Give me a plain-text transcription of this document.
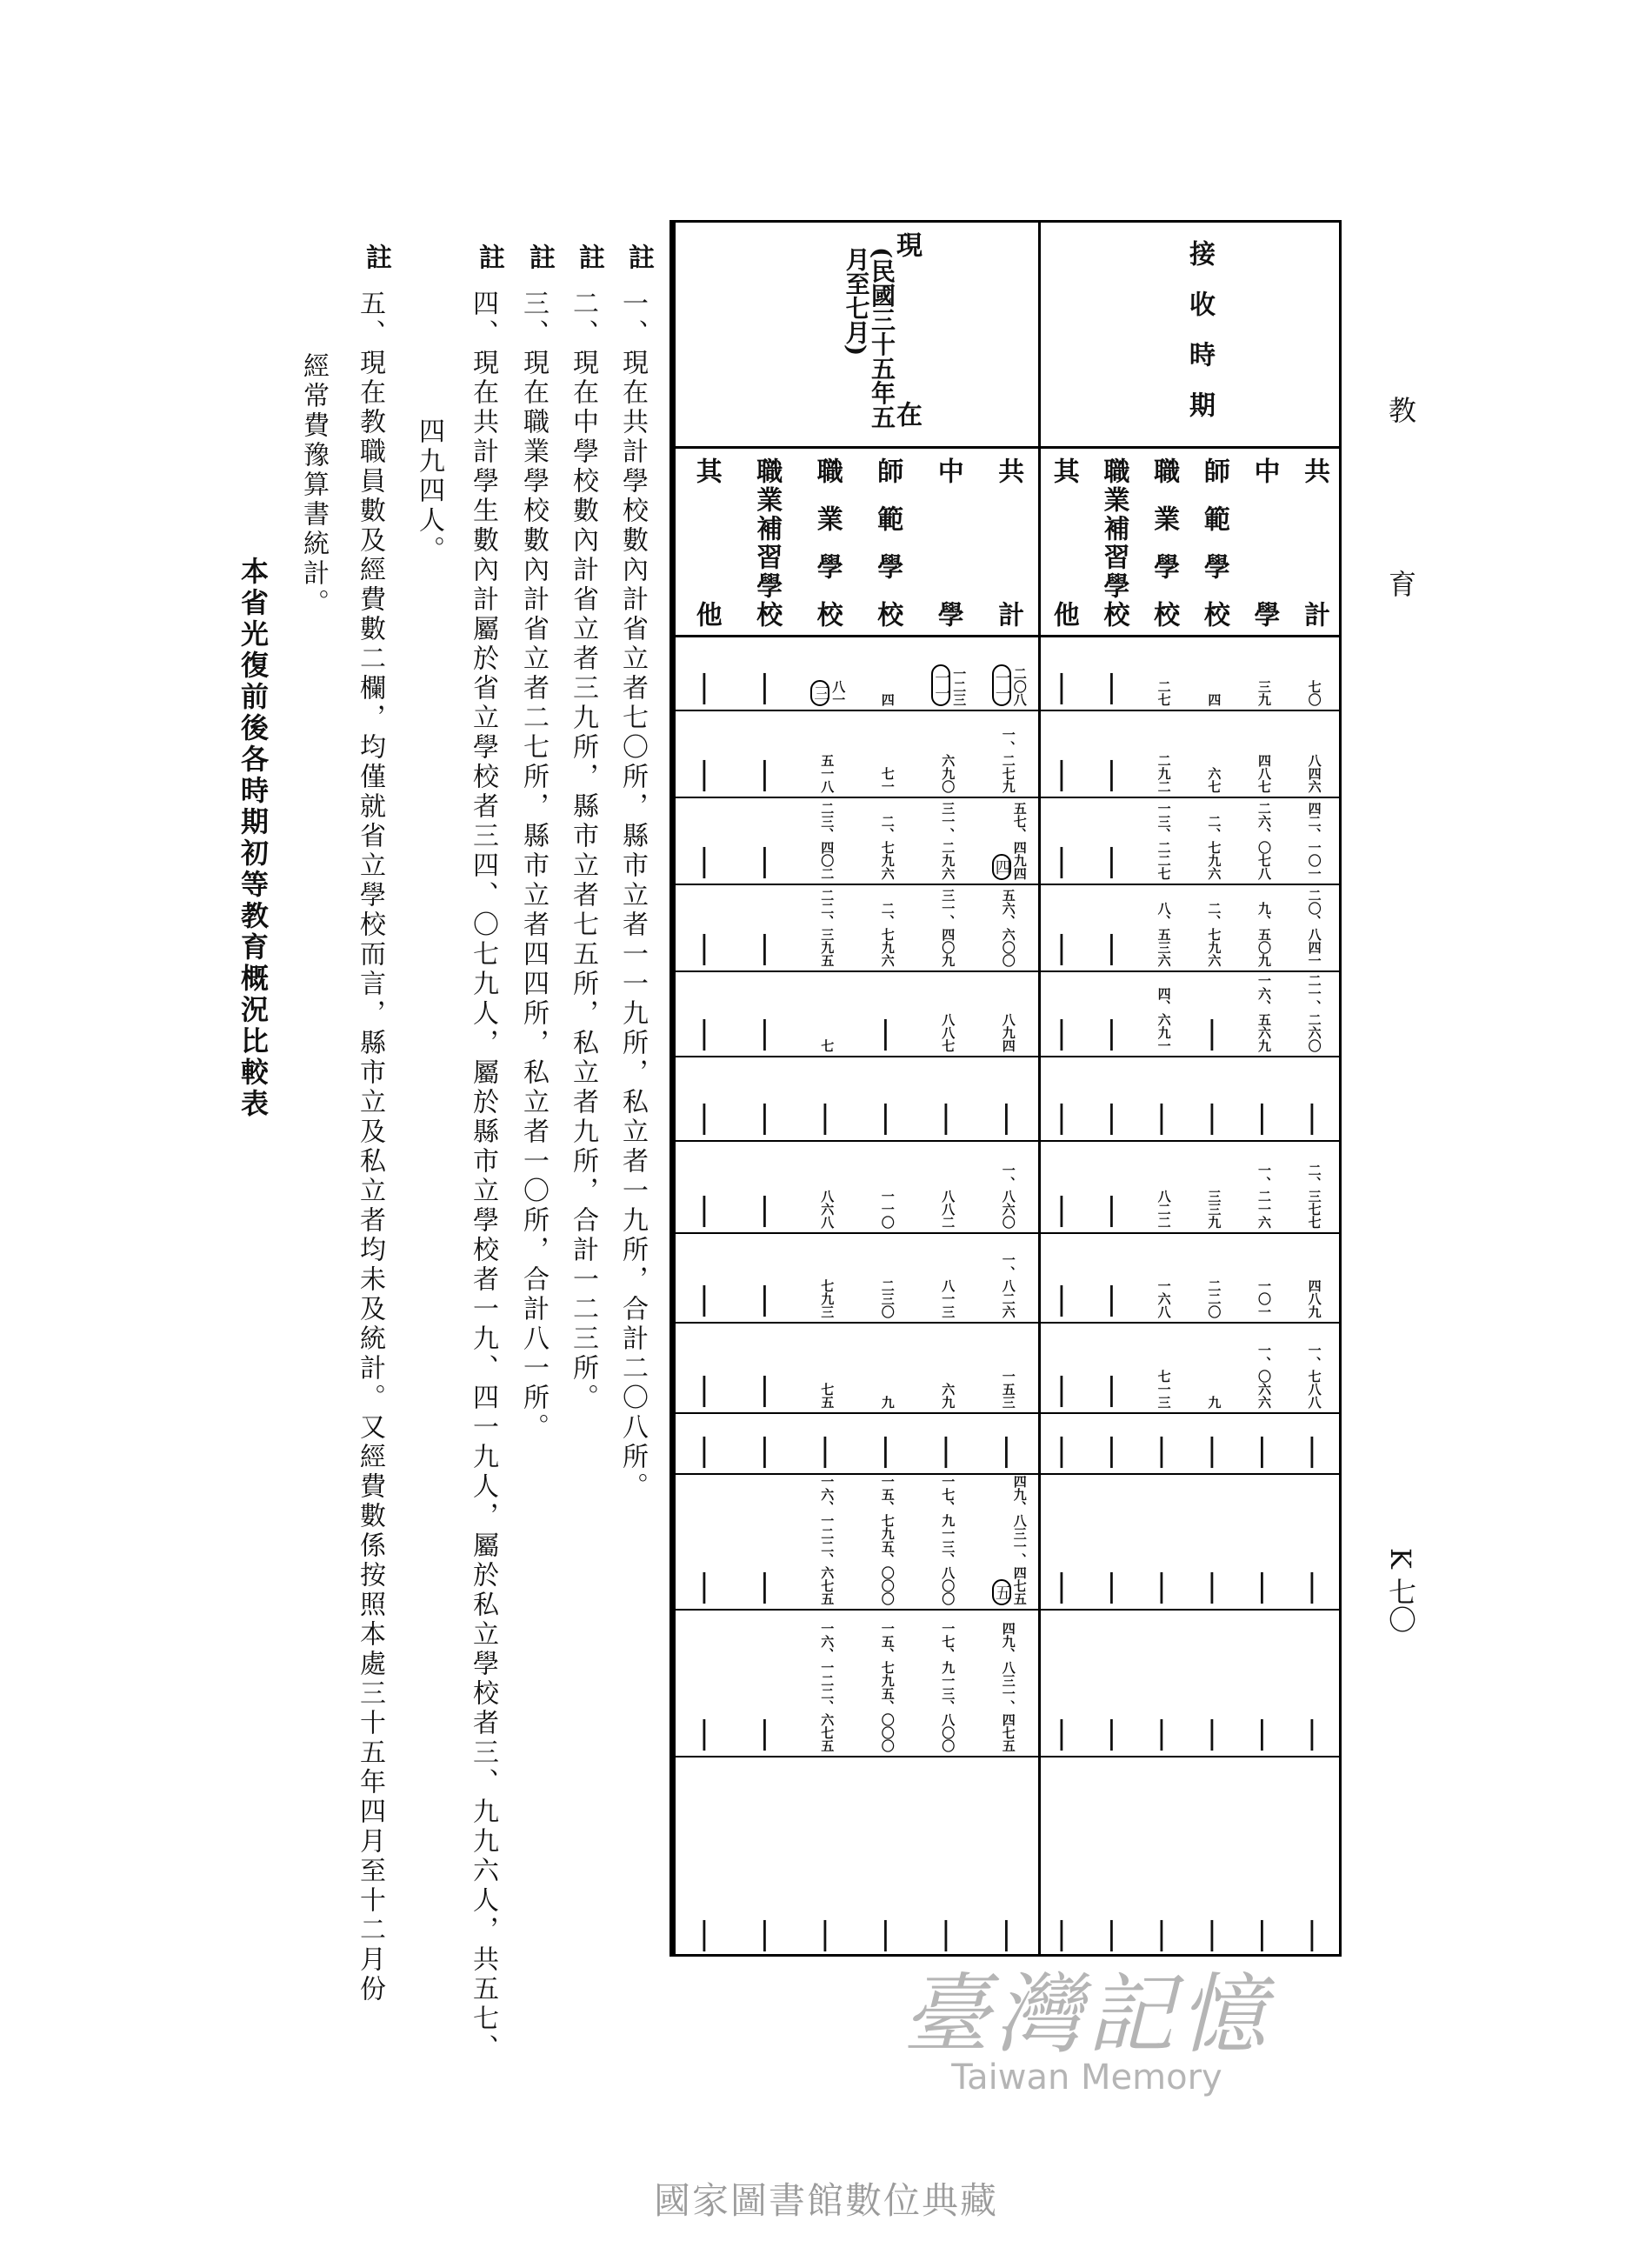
教
育
K 七〇
現
在
(民國三十五年五月至七月)
共計
中學
師範學校
職業學校
職業補習學校
其他
二〇八
一一
一二三
一一
四
八一
三
—
—
一、二七九
六九〇
七一
五一八
—
—
五七、四九四
四
三一、二九六
二、七九六
二三、四〇二
—
—
五六、六〇〇
三一、四〇九
二、七九六
二二、三九五
—
—
八九四
八八七
—
七
—
—
—
—
—
—
—
—
一、八六〇
八八二
一一〇
八六八
—
—
一、八二六
八一三
二三〇
七九三
—
—
一五三
六九
九
七五
—
—
—
—
—
—
—
—
四九、八三一、四七五
五
一七、九一三、八〇〇
一五、七九五、〇〇〇
一六、一二二、六七五
—
—
四九、八三一、四七五
一七、九一三、八〇〇
一五、七九五、〇〇〇
一六、一二二、六七五
—
—
—
—
—
—
—
—
接收時期
共計
中學
師範學校
職業學校
職業補習學校
其他
七〇
三九
四
二七
—
—
八四六
四八七
六七
二九二
—
—
四二、一〇一
二六、〇七八
二、七九六
一三、二二七
—
—
二〇、八四一
九、五〇九
二、七九六
八、五三六
—
—
二一、二六〇
一六、五六九
—
四、六九一
—
—
—
—
—
—
—
—
二、三七七
一、二一六
三三九
八二二
—
—
四八九
一〇一
二二〇
一六八
—
—
一、七八八
一、〇六六
九
七一三
—
—
—
—
—
—
—
—
—
—
—
—
—
—
—
—
—
—
—
—
—
—
—
—
—
—
臺灣記憶
Taiwan Memory
註
一、現在共計學校數內計省立者七〇所，縣市立者一一九所，私立者一九所，合計二〇八所。
註
二、現在中學校數內計省立者三九所，縣市立者七五所，私立者九所，合計一二三所。
註
三、現在職業學校數內計省立者二七所，縣市立者四四所，私立者一〇所，合計八一所。
註
四、現在共計學生數內計屬於省立學校者三四、〇七九人，屬於縣市立學校者一九、四一九人，屬於私立學校者三、九九六人，共五七、
四九四人。
註
五、現在教職員數及經費數二欄，均僅就省立學校而言，縣市立及私立者均未及統計。又經費數係按照本處三十五年四月至十二月份
經常費豫算書統計。
本省光復前後各時期初等教育概況比較表
國家圖書館數位典藏
